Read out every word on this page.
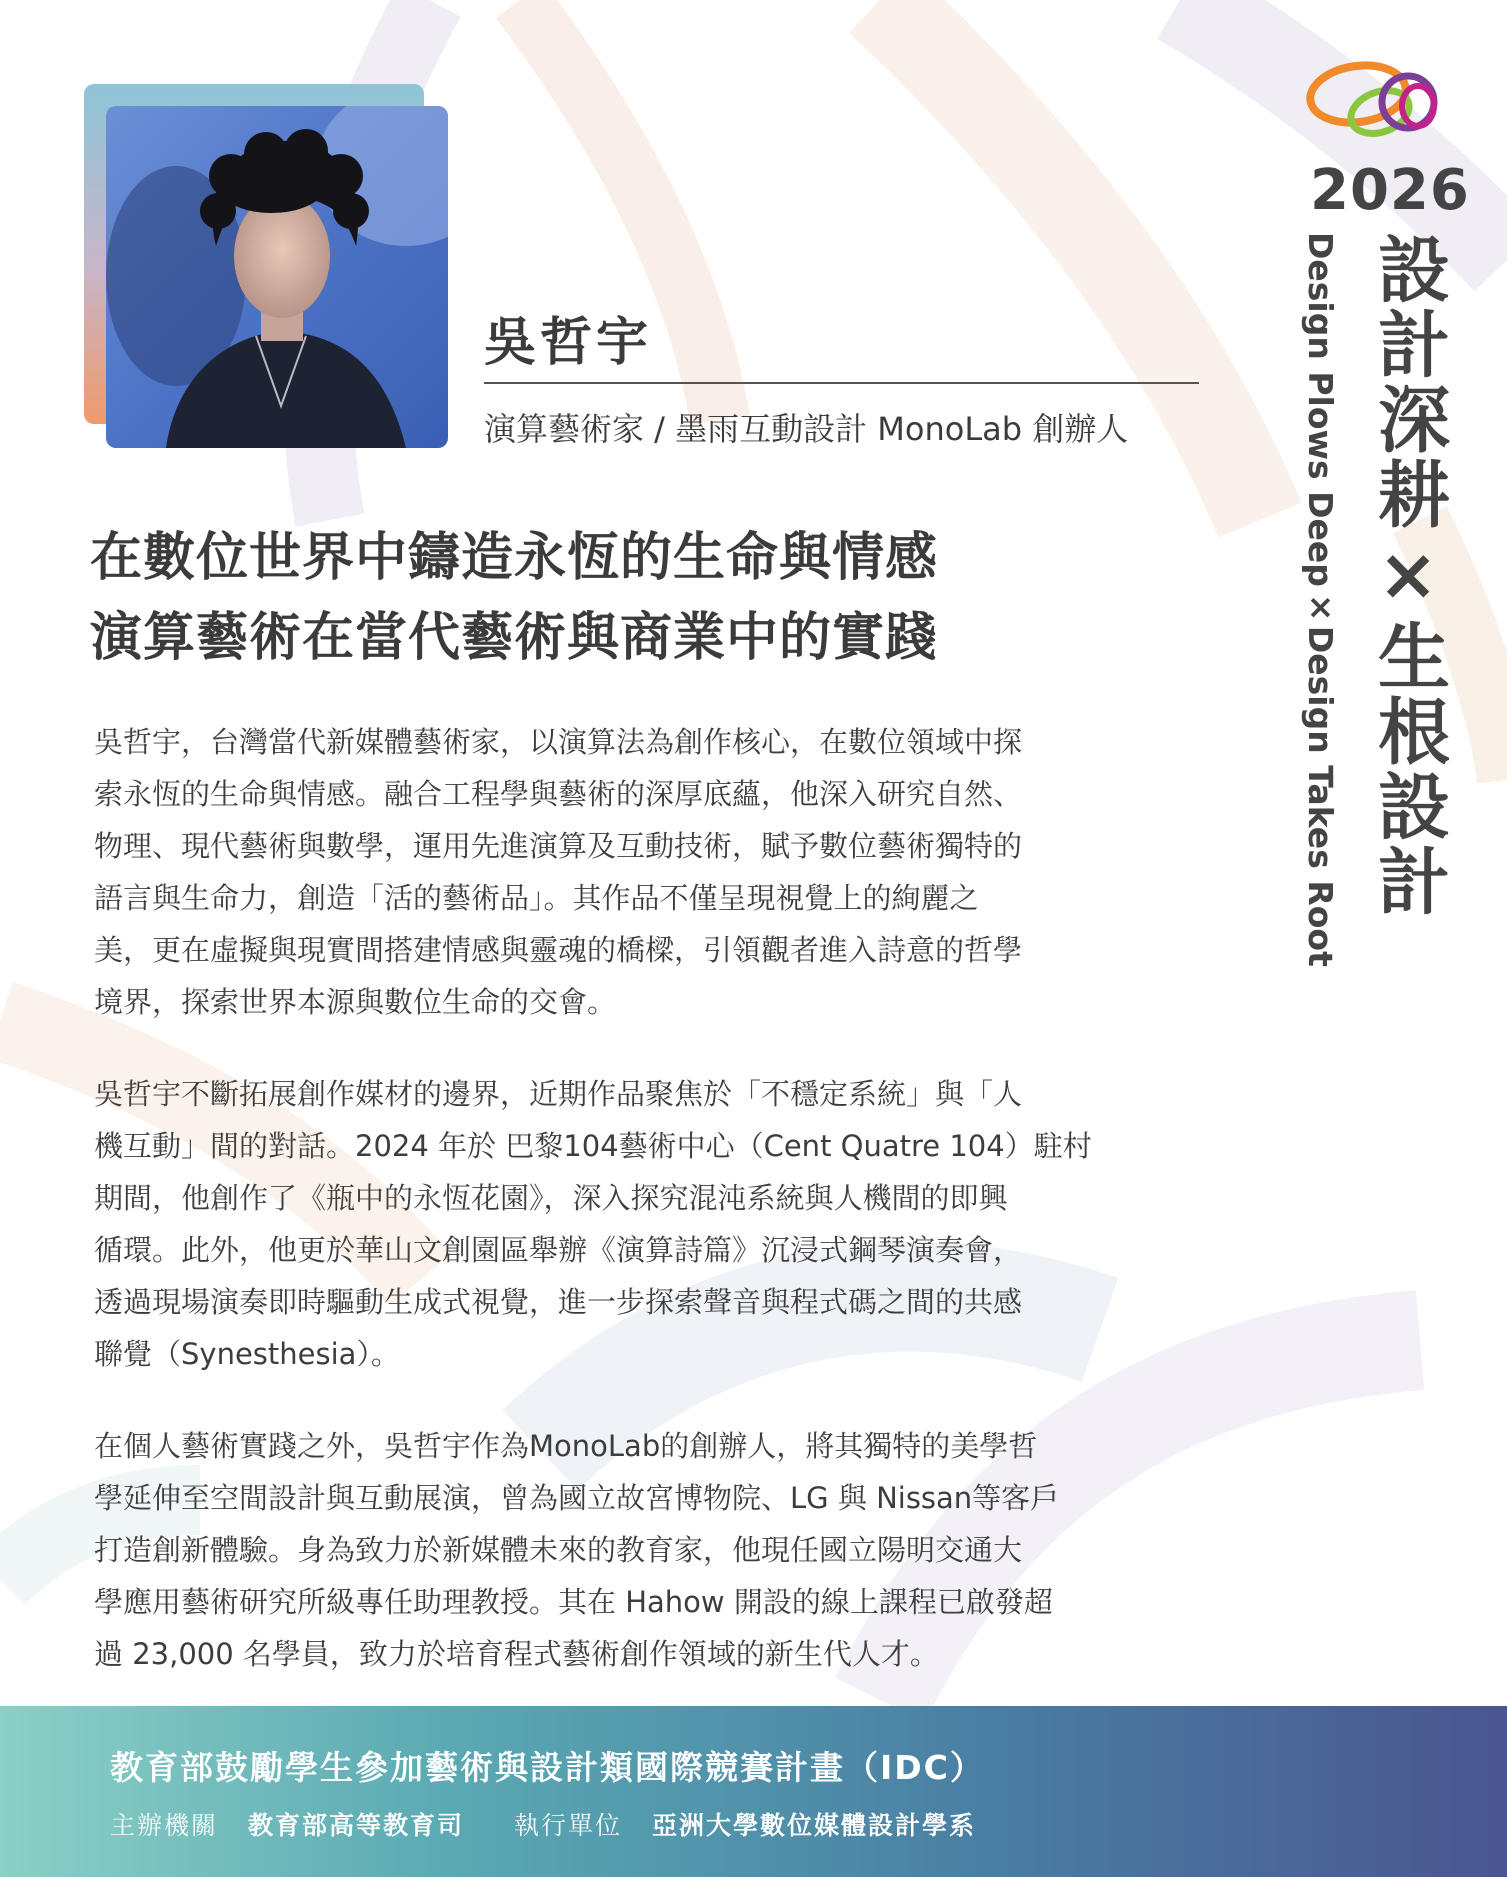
吳哲宇

演算藝術家 / 墨雨互動設計 MonoLab 創辦人

在數位世界中鑄造永恆的生命與情感
演算藝術在當代藝術與商業中的實踐

吳哲宇，台灣當代新媒體藝術家，以演算法為創作核心，在數位領域中探
索永恆的生命與情感。融合工程學與藝術的深厚底蘊，他深入研究自然、
物理、現代藝術與數學，運用先進演算及互動技術，賦予數位藝術獨特的
語言與生命力，創造「活的藝術品」。其作品不僅呈現視覺上的絢麗之
美，更在虛擬與現實間搭建情感與靈魂的橋樑，引領觀者進入詩意的哲學
境界，探索世界本源與數位生命的交會。

吳哲宇不斷拓展創作媒材的邊界，近期作品聚焦於「不穩定系統」與「人
機互動」間的對話。2024 年於 巴黎104藝術中心（Cent Quatre 104）駐村
期間，他創作了《瓶中的永恆花園》，深入探究混沌系統與人機間的即興
循環。此外，他更於華山文創園區舉辦《演算詩篇》沉浸式鋼琴演奏會，
透過現場演奏即時驅動生成式視覺，進一步探索聲音與程式碼之間的共感
聯覺（Synesthesia）。

在個人藝術實踐之外，吳哲宇作為MonoLab的創辦人，將其獨特的美學哲
學延伸至空間設計與互動展演，曾為國立故宮博物院、LG 與 Nissan等客戶
打造創新體驗。身為致力於新媒體未來的教育家，他現任國立陽明交通大
學應用藝術研究所級專任助理教授。其在 Hahow 開設的線上課程已啟發超
過 23,000 名學員，致力於培育程式藝術創作領域的新生代人才。

2026

設計深耕×生根設計

Design Plows Deep×Design Takes Root

教育部鼓勵學生參加藝術與設計類國際競賽計畫（IDC）

主辦機關 教育部高等教育司 執行單位 亞洲大學數位媒體設計學系
